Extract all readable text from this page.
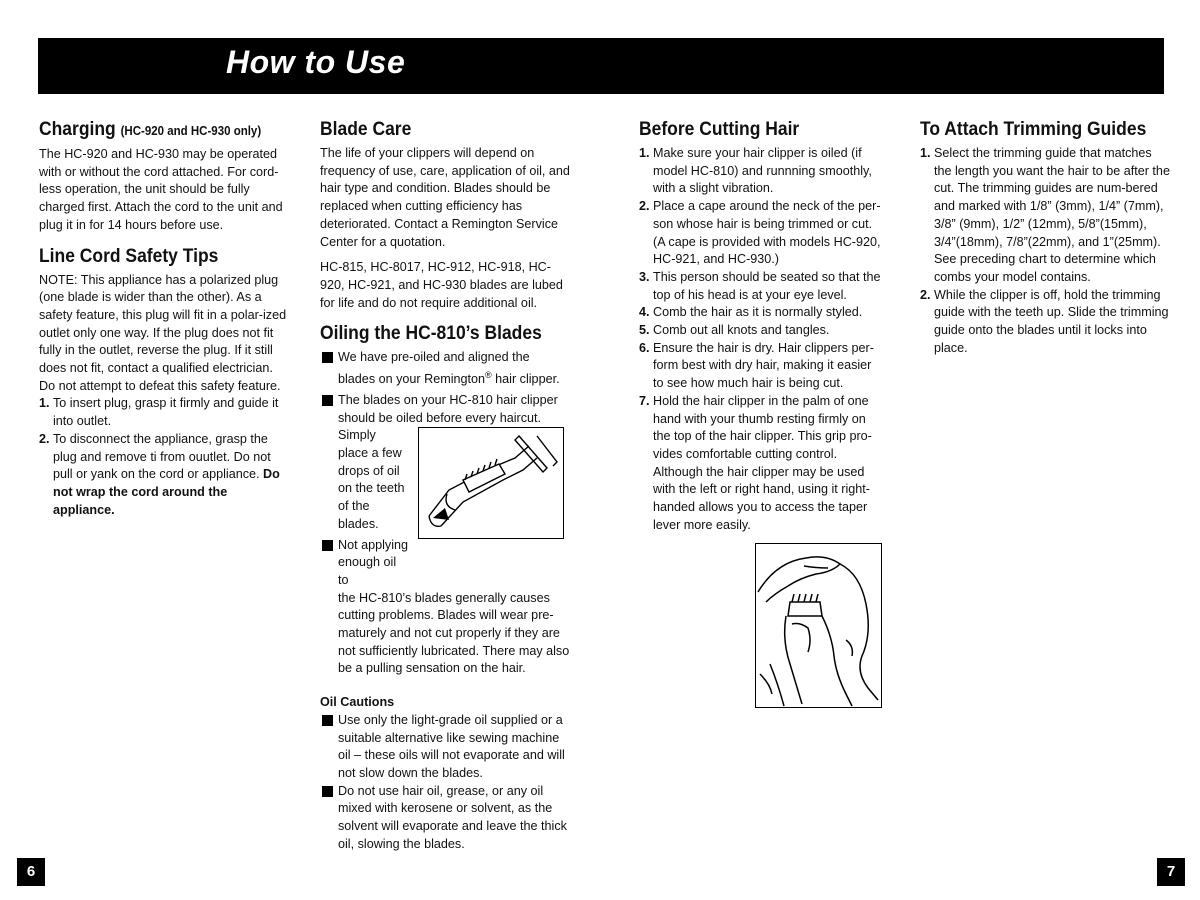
How to Use
Charging (HC-920 and HC-930 only)

The HC-920 and HC-930 may be operated with or without the cord attached. For cord-less operation, the unit should be fully charged first. Attach the cord to the unit and plug it in for 14 hours before use.

Line Cord Safety Tips

NOTE: This appliance has a polarized plug (one blade is wider than the other). As a safety feature, this plug will fit in a polar-ized outlet only one way. If the plug does not fit fully in the outlet, reverse the plug. If it still does not fit, contact a qualified electrician. Do not attempt to defeat this safety feature.

1. To insert plug, grasp it firmly and guide it into outlet.
2. To disconnect the appliance, grasp the plug and remove ti from ouutlet. Do not pull or yank on the cord or appliance. Do not wrap the cord around the appliance.
Blade Care

The life of your clippers will depend on frequency of use, care, application of oil, and hair type and condition. Blades should be replaced when cutting efficiency has deteriorated. Contact a Remington Service Center for a quotation.

HC-815, HC-8017, HC-912, HC-918, HC-920, HC-921, and HC-930 blades are lubed for life and do not require additional oil.

Oiling the HC-810’s Blades
We have pre-oiled and aligned the blades on your Remington® hair clipper.
The blades on your HC-810 hair clipper should be oiled before every haircut.
Simply place a few drops of oil on the teeth of the blades.
Not applying enough oil to

the HC-810’s blades generally causes cutting problems. Blades will wear pre-maturely and not cut properly if they are not sufficiently lubricated. There may also be a pulling sensation on the hair.

Oil Cautions
Use only the light-grade oil supplied or a suitable alternative like sewing machine oil – these oils will not evaporate and will not slow down the blades.
Do not use hair oil, grease, or any oil mixed with kerosene or solvent, as the solvent will evaporate and leave the thick oil, slowing the blades.
Before Cutting Hair
1. Make sure your hair clipper is oiled (if model HC-810) and runnning smoothly, with a slight vibration.
2. Place a cape around the neck of the per-son whose hair is being trimmed or cut. (A cape is provided with models HC-920, HC-921, and HC-930.)
3. This person should be seated so that the top of his head is at your eye level.
4. Comb the hair as it is normally styled.
5. Comb out all knots and tangles.
6. Ensure the hair is dry. Hair clippers per-form best with dry hair, making it easier to see how much hair is being cut.
7. Hold the hair clipper in the palm of one hand with your thumb resting firmly on the top of the hair clipper. This grip pro-vides comfortable cutting control. Although the hair clipper may be used with the left or right hand, using it right-handed allows you to access the taper lever more easily.
To Attach Trimming Guides
1. Select the trimming guide that matches the length you want the hair to be after the cut. The trimming guides are num-bered and marked with 1/8” (3mm), 1/4” (7mm), 3/8” (9mm), 1/2” (12mm), 5/8”(15mm), 3/4”(18mm), 7/8”(22mm), and 1”(25mm). See preceding chart to determine which combs your model contains.
2. While the clipper is off, hold the trimming guide with the teeth up. Slide the trimming guide onto the blades until it locks into place.
6	7
